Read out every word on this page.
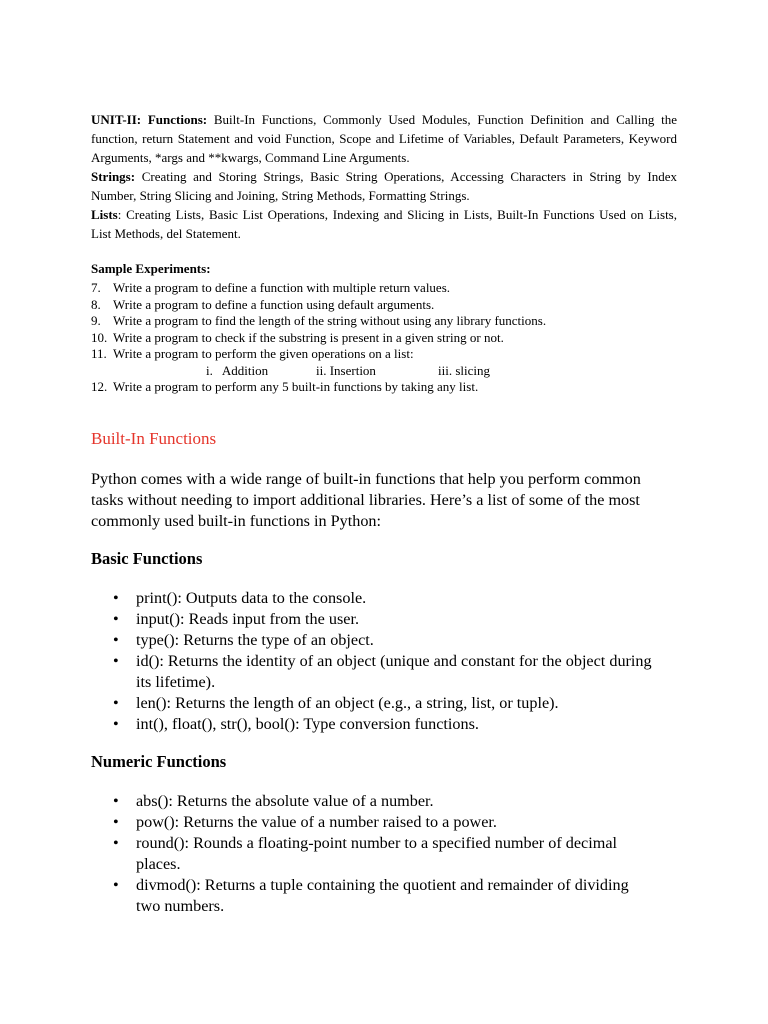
UNIT-II: Functions: Built-In Functions, Commonly Used Modules, Function Definition and Calling the function, return Statement and void Function, Scope and Lifetime of Variables, Default Parameters, Keyword Arguments, *args and **kwargs, Command Line Arguments.

Strings: Creating and Storing Strings, Basic String Operations, Accessing Characters in String by Index Number, String Slicing and Joining, String Methods, Formatting Strings.

Lists: Creating Lists, Basic List Operations, Indexing and Slicing in Lists, Built-In Functions Used on Lists, List Methods, del Statement.

Sample Experiments:
7. Write a program to define a function with multiple return values.
8. Write a program to define a function using default arguments.
9. Write a program to find the length of the string without using any library functions.
10. Write a program to check if the substring is present in a given string or not.
11. Write a program to perform the given operations on a list:
i.   Addition	ii. Insertion	iii. slicing
12. Write a program to perform any 5 built-in functions by taking any list.
Built-In Functions

Python comes with a wide range of built-in functions that help you perform common tasks without needing to import additional libraries. Here’s a list of some of the most commonly used built-in functions in Python:

Basic Functions
• print(): Outputs data to the console.
• input(): Reads input from the user.
• type(): Returns the type of an object.
• id(): Returns the identity of an object (unique and constant for the object during its lifetime).
• len(): Returns the length of an object (e.g., a string, list, or tuple).
• int(), float(), str(), bool(): Type conversion functions.
Numeric Functions
• abs(): Returns the absolute value of a number.
• pow(): Returns the value of a number raised to a power.
• round(): Rounds a floating-point number to a specified number of decimal places.
• divmod(): Returns a tuple containing the quotient and remainder of dividing two numbers.
